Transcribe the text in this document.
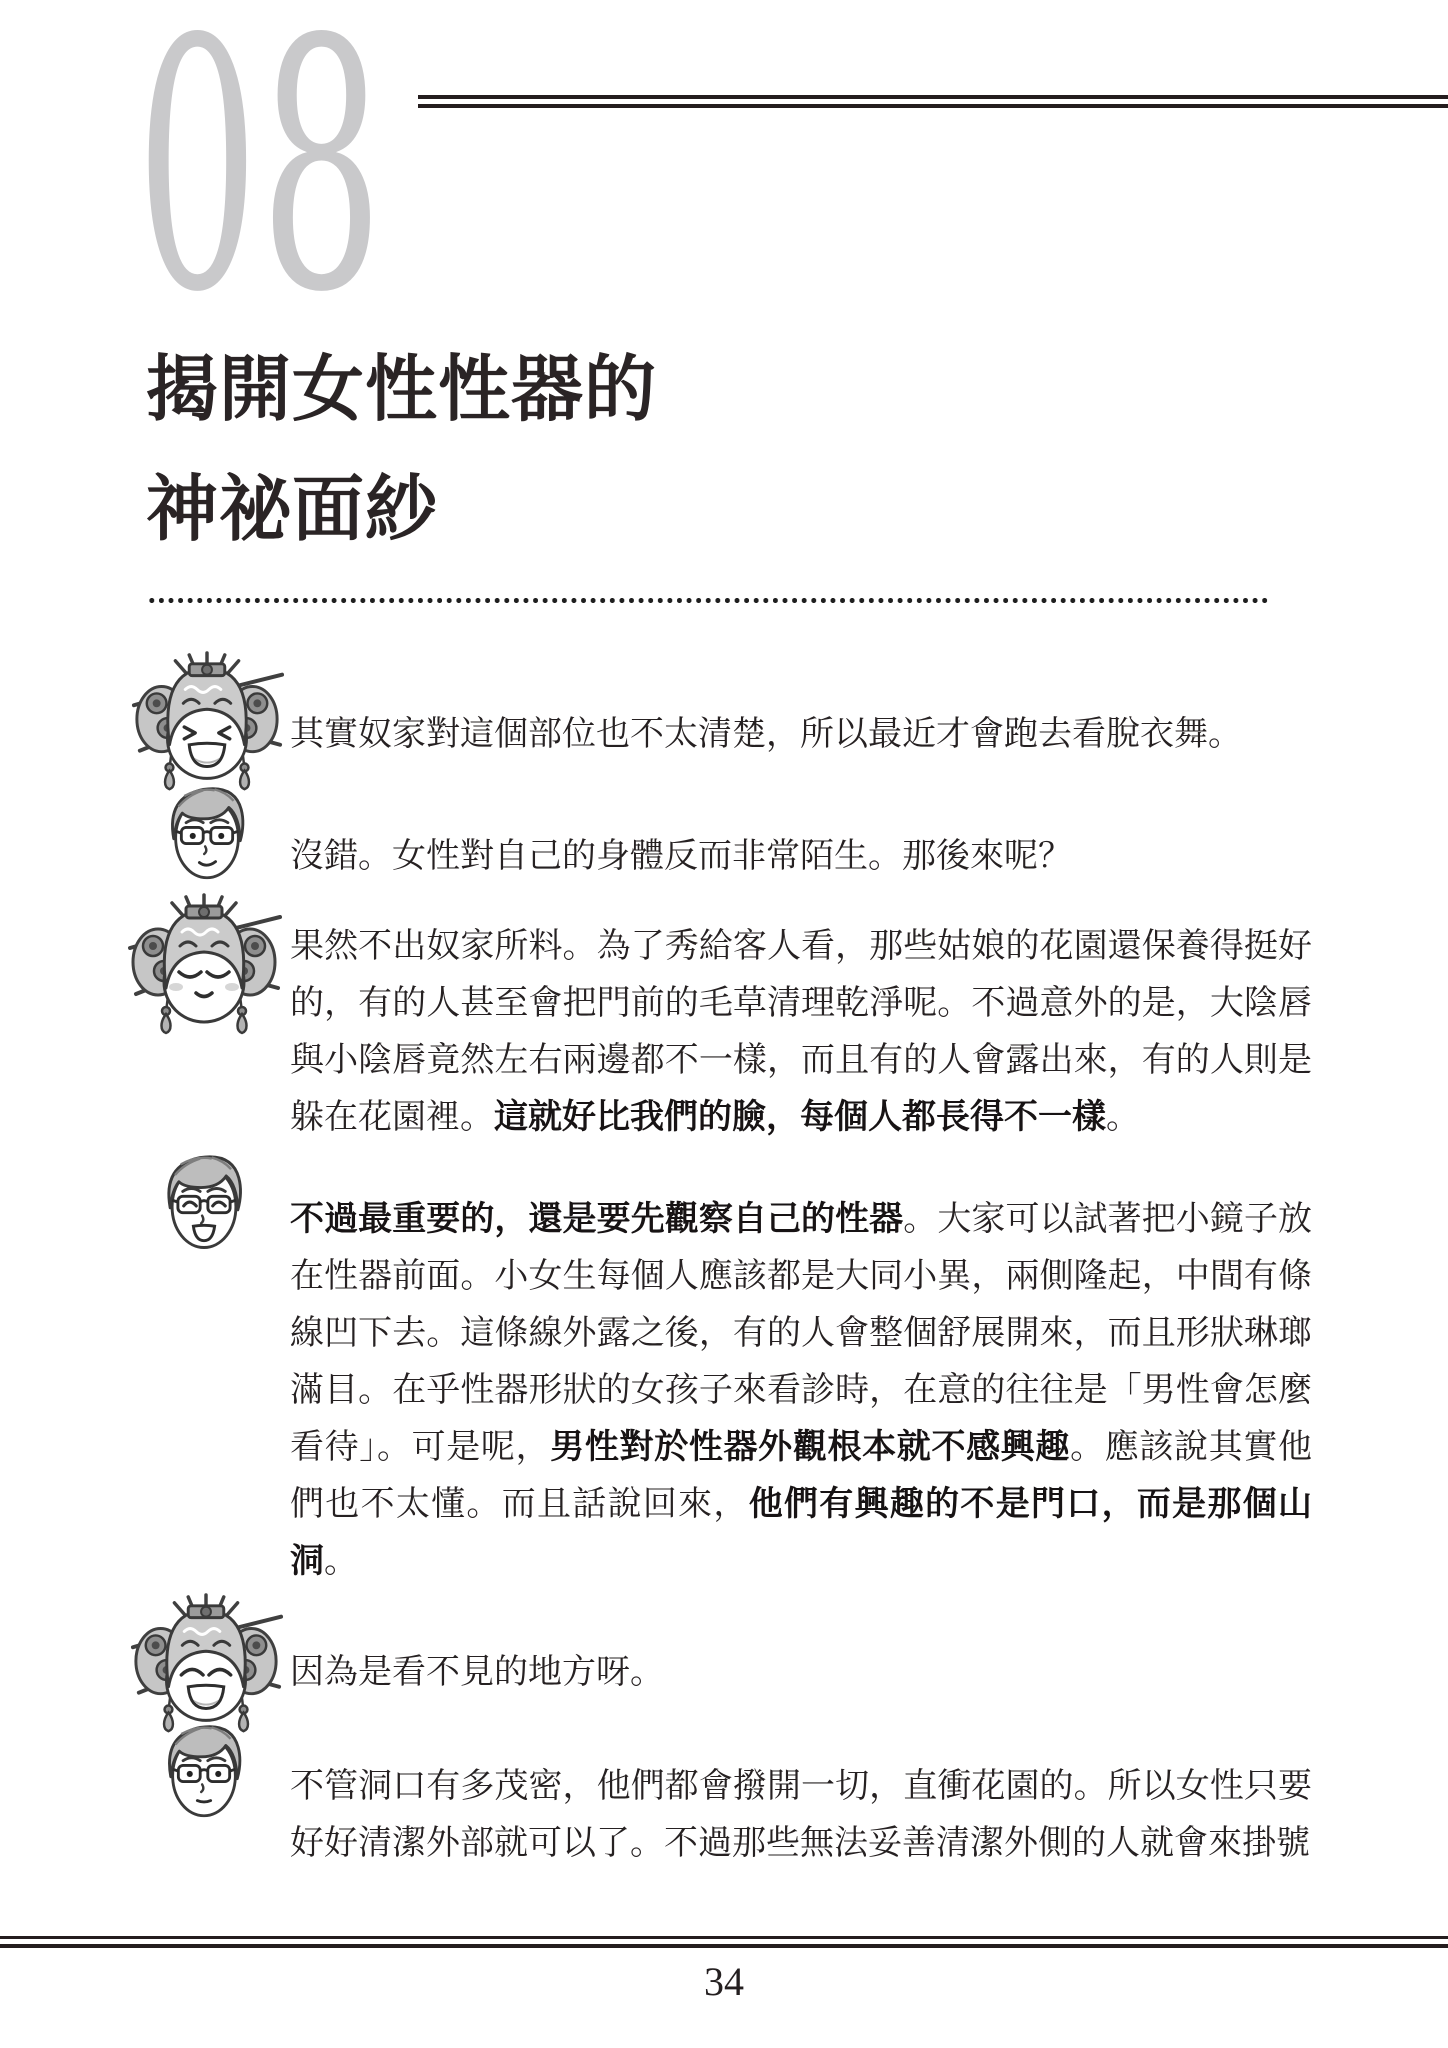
08
揭開女性性器的
神祕面紗

其實奴家對這個部位也不太清楚，所以最近才會跑去看脫衣舞。

沒錯。女性對自己的身體反而非常陌生。那後來呢？

果然不出奴家所料。為了秀給客人看，那些姑娘的花園還保養得挺好的，有的人甚至會把門前的毛草清理乾淨呢。不過意外的是，大陰唇與小陰唇竟然左右兩邊都不一樣，而且有的人會露出來，有的人則是躲在花園裡。這就好比我們的臉，每個人都長得不一樣。

不過最重要的，還是要先觀察自己的性器。大家可以試著把小鏡子放在性器前面。小女生每個人應該都是大同小異，兩側隆起，中間有條線凹下去。這條線外露之後，有的人會整個舒展開來，而且形狀琳瑯滿目。在乎性器形狀的女孩子來看診時，在意的往往是「男性會怎麼看待」。可是呢，男性對於性器外觀根本就不感興趣。應該說其實他們也不太懂。而且話說回來，他們有興趣的不是門口，而是那個山洞。

因為是看不見的地方呀。

不管洞口有多茂密，他們都會撥開一切，直衝花園的。所以女性只要好好清潔外部就可以了。不過那些無法妥善清潔外側的人就會來掛號

34
